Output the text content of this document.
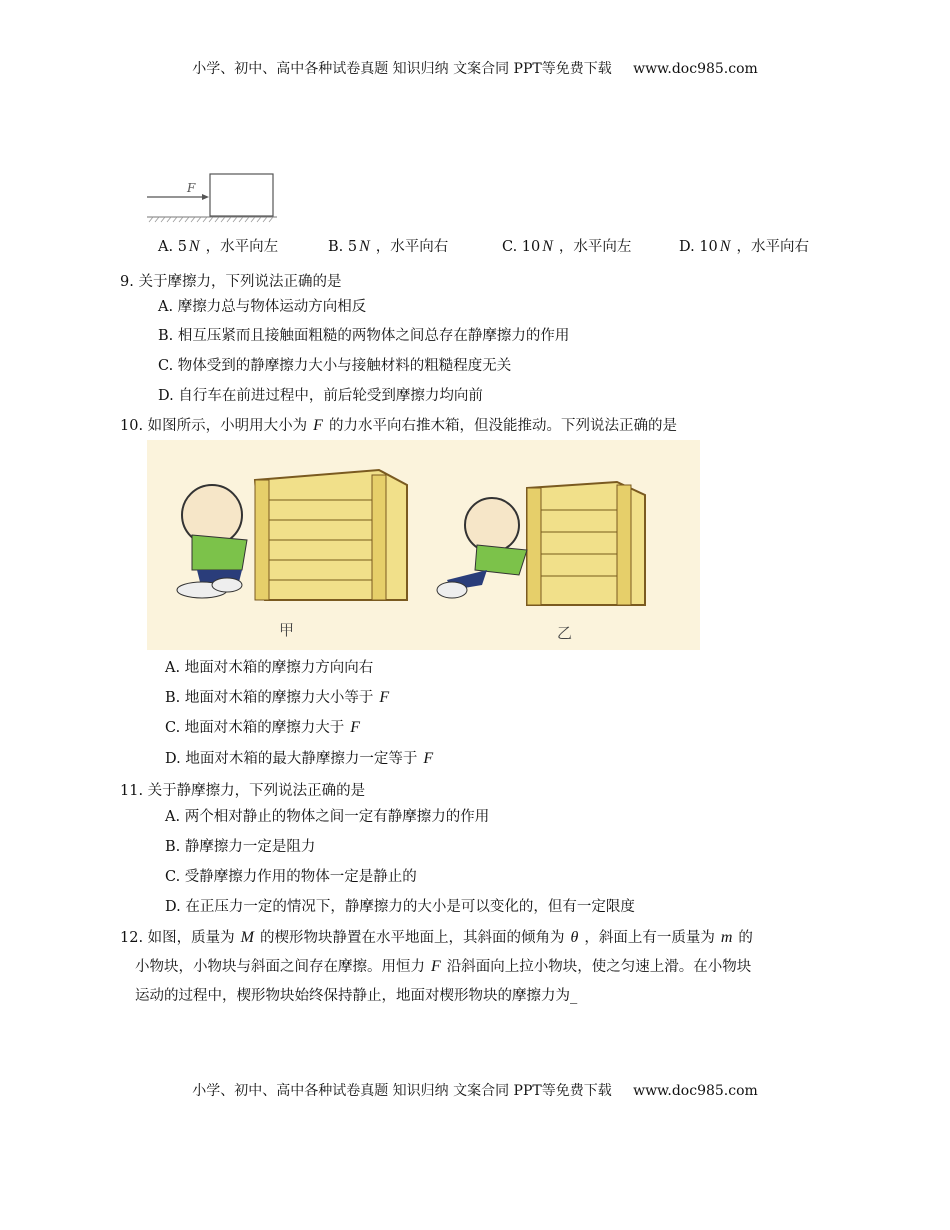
小学、初中、高中各种试卷真题 知识归纳 文案合同 PPT等免费下载 www.doc985.com
F
A. 5 N ，水平向左	B. 5 N ，水平向右	C. 10 N ，水平向左	D. 10 N ，水平向右
9. 关于摩擦力，下列说法正确的是
A. 摩擦力总与物体运动方向相反
B. 相互压紧而且接触面粗糙的两物体之间总存在静摩擦力的作用
C. 物体受到的静摩擦力大小与接触材料的粗糙程度无关
D. 自行车在前进过程中，前后轮受到摩擦力均向前
10. 如图所示，小明用大小为 F 的力水平向右推木箱，但没能推动。下列说法正确的是
甲	乙
A. 地面对木箱的摩擦力方向向右
B. 地面对木箱的摩擦力大小等于 F
C. 地面对木箱的摩擦力大于 F
D. 地面对木箱的最大静摩擦力一定等于 F
11. 关于静摩擦力，下列说法正确的是
A. 两个相对静止的物体之间一定有静摩擦力的作用
B. 静摩擦力一定是阻力
C. 受静摩擦力作用的物体一定是静止的
D. 在正压力一定的情况下，静摩擦力的大小是可以变化的，但有一定限度
12. 如图，质量为 M 的楔形物块静置在水平地面上，其斜面的倾角为 θ ，斜面上有一质量为 m 的
小物块，小物块与斜面之间存在摩擦。用恒力 F 沿斜面向上拉小物块，使之匀速上滑。在小物块
运动的过程中，楔形物块始终保持静止，地面对楔形物块的摩擦力为_
小学、初中、高中各种试卷真题 知识归纳 文案合同 PPT等免费下载 www.doc985.com
